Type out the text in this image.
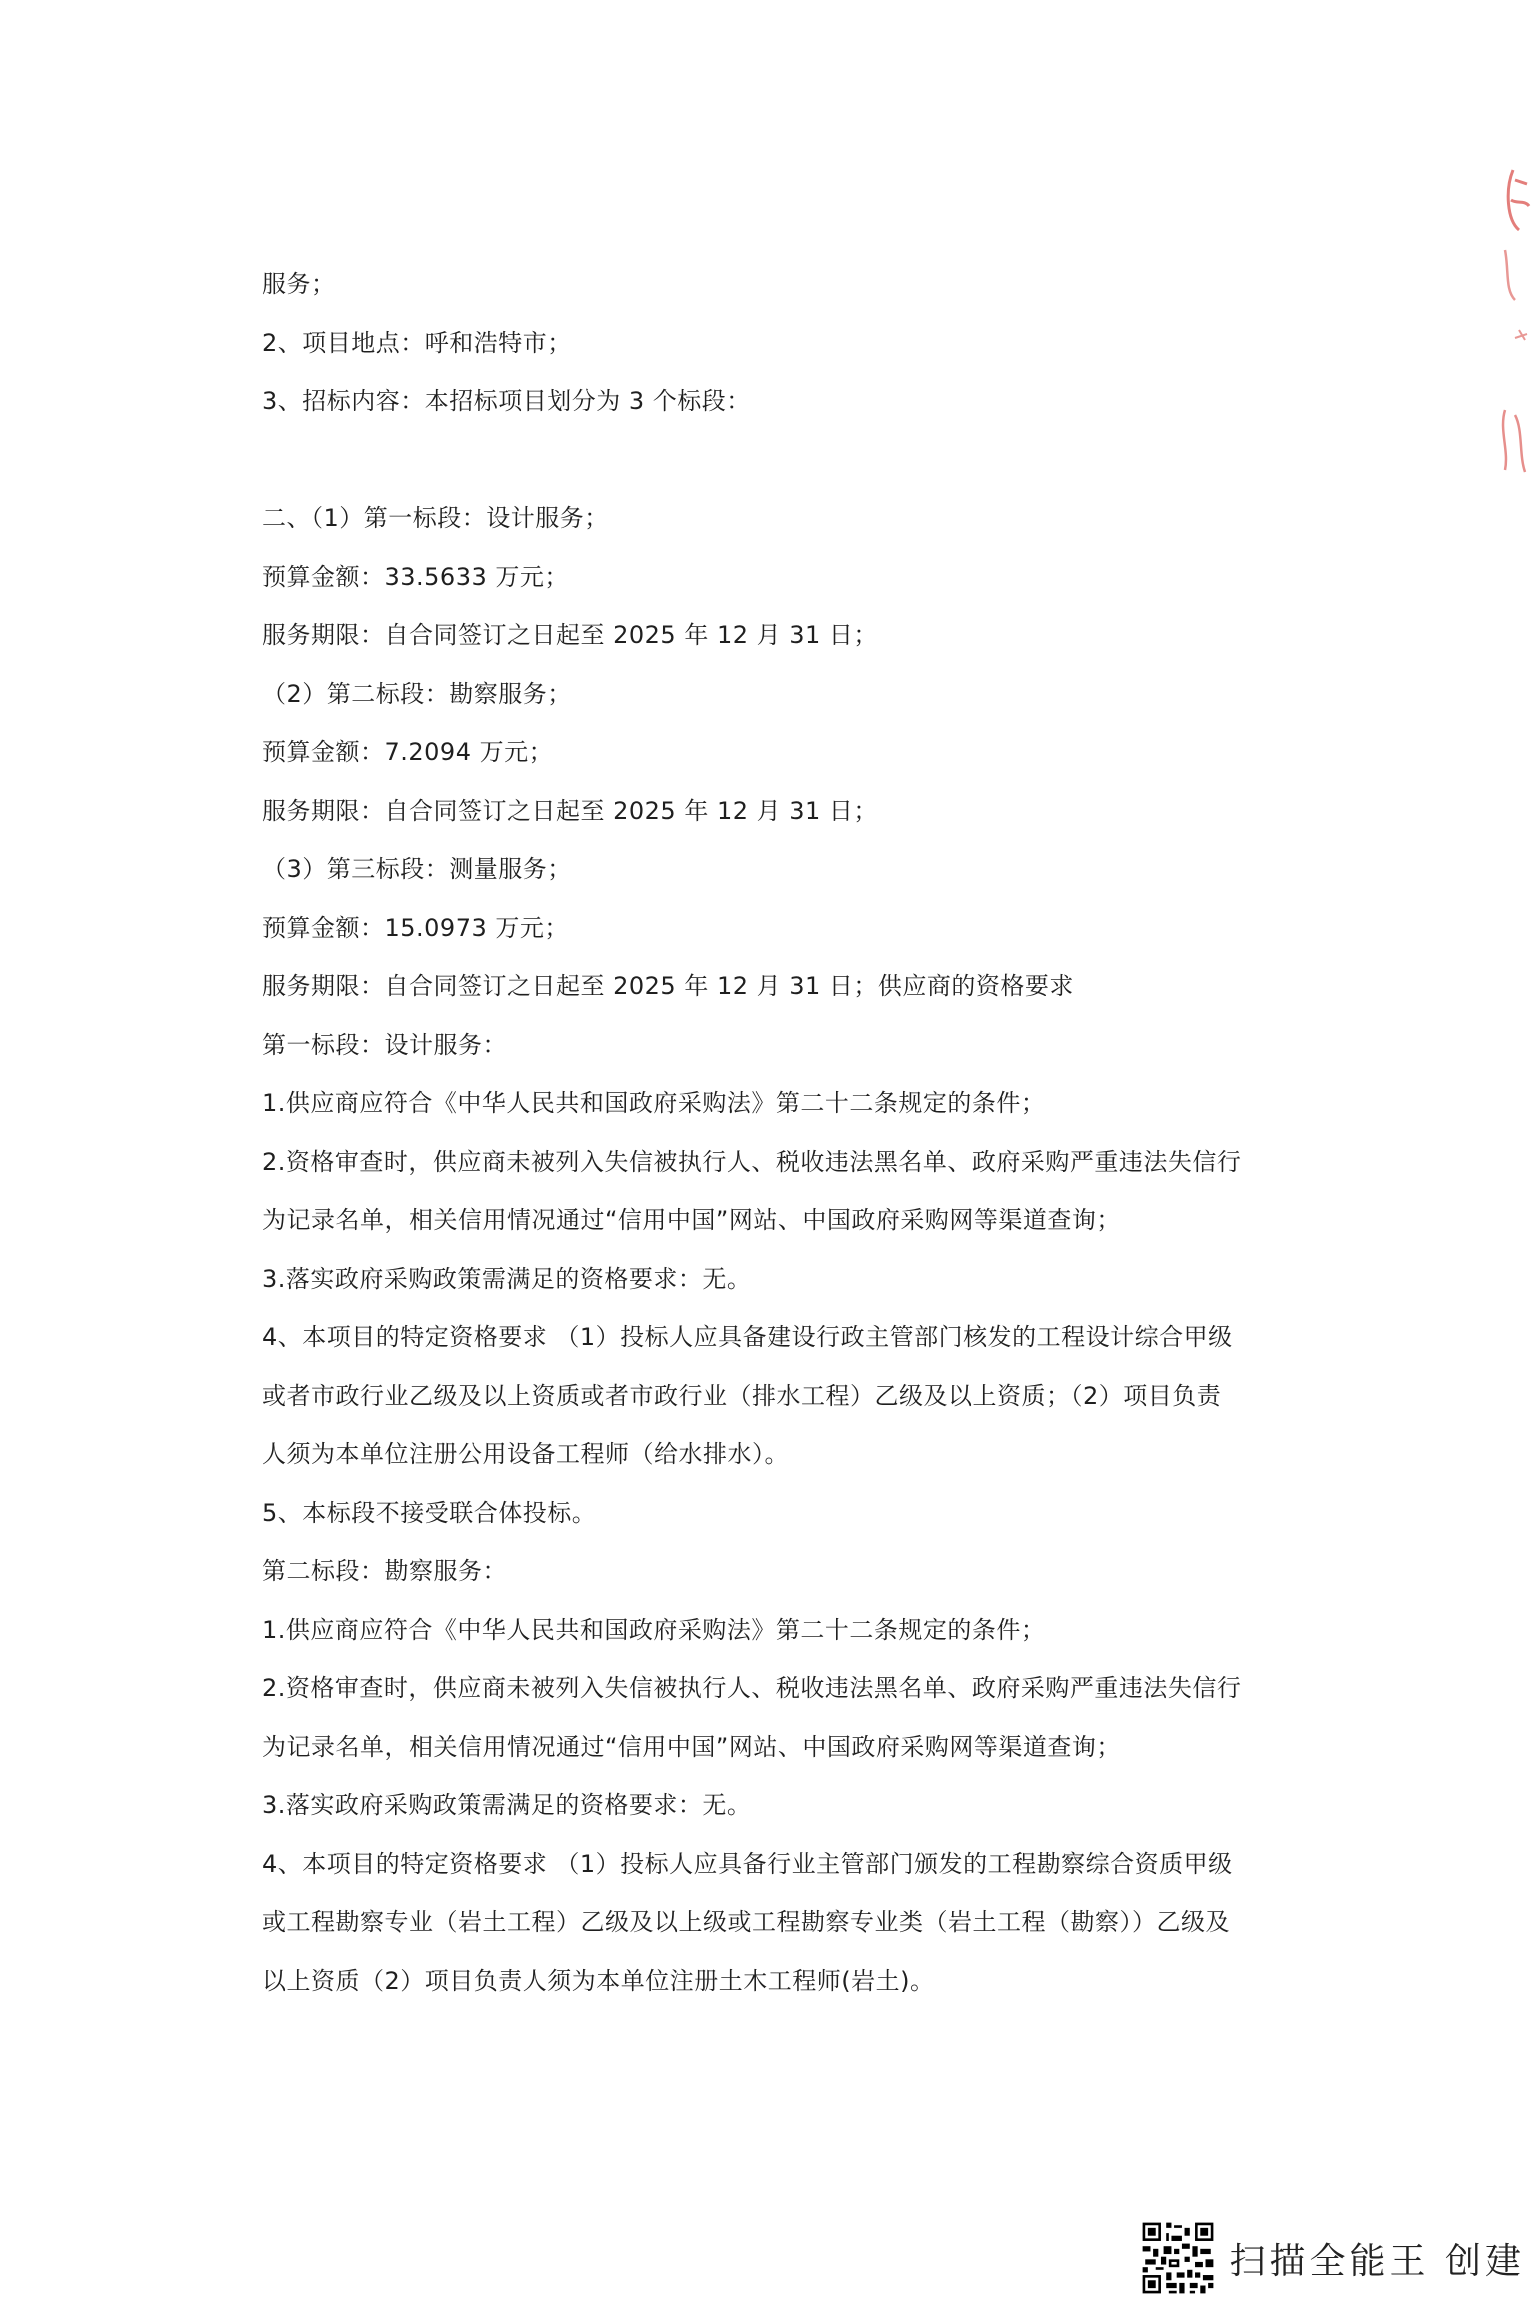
服务；
2、项目地点：呼和浩特市；
3、招标内容：本招标项目划分为 3 个标段：
二、（1）第一标段：设计服务；
预算金额：33.5633 万元；
服务期限：自合同签订之日起至 2025 年 12 月 31 日；
（2）第二标段：勘察服务；
预算金额：7.2094 万元；
服务期限：自合同签订之日起至 2025 年 12 月 31 日；
（3）第三标段：测量服务；
预算金额：15.0973 万元；
服务期限：自合同签订之日起至 2025 年 12 月 31 日；供应商的资格要求
第一标段：设计服务：
1.供应商应符合《中华人民共和国政府采购法》第二十二条规定的条件；
2.资格审查时，供应商未被列入失信被执行人、税收违法黑名单、政府采购严重违法失信行
为记录名单，相关信用情况通过“信用中国”网站、中国政府采购网等渠道查询；
3.落实政府采购政策需满足的资格要求：无。
4、本项目的特定资格要求 （1）投标人应具备建设行政主管部门核发的工程设计综合甲级
或者市政行业乙级及以上资质或者市政行业（排水工程）乙级及以上资质；（2）项目负责
人须为本单位注册公用设备工程师（给水排水）。
5、本标段不接受联合体投标。
第二标段：勘察服务：
1.供应商应符合《中华人民共和国政府采购法》第二十二条规定的条件；
2.资格审查时，供应商未被列入失信被执行人、税收违法黑名单、政府采购严重违法失信行
为记录名单，相关信用情况通过“信用中国”网站、中国政府采购网等渠道查询；
3.落实政府采购政策需满足的资格要求：无。
4、本项目的特定资格要求 （1）投标人应具备行业主管部门颁发的工程勘察综合资质甲级
或工程勘察专业（岩土工程）乙级及以上级或工程勘察专业类（岩土工程（勘察））乙级及
以上资质（2）项目负责人须为本单位注册土木工程师(岩土)。
扫描全能王 创建
